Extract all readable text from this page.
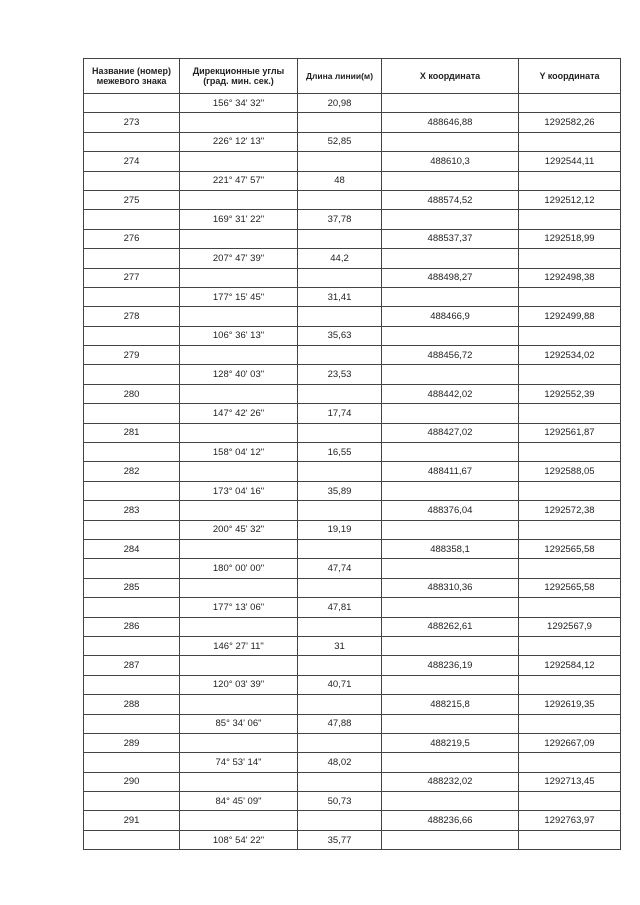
Название (номер) межевого знака	Дирекционные углы (град. мин. сек.)	Длина линии(м)	X координата	Y координата
	156° 34' 32"	20,98		
273			488646,88	1292582,26
	226° 12' 13"	52,85		
274			488610,3	1292544,11
	221° 47' 57"	48		
275			488574,52	1292512,12
	169° 31' 22"	37,78		
276			488537,37	1292518,99
	207° 47' 39"	44,2		
277			488498,27	1292498,38
	177° 15' 45"	31,41		
278			488466,9	1292499,88
	106° 36' 13"	35,63		
279			488456,72	1292534,02
	128° 40' 03"	23,53		
280			488442,02	1292552,39
	147° 42' 26"	17,74		
281			488427,02	1292561,87
	158° 04' 12"	16,55		
282			488411,67	1292588,05
	173° 04' 16"	35,89		
283			488376,04	1292572,38
	200° 45' 32"	19,19		
284			488358,1	1292565,58
	180° 00' 00"	47,74		
285			488310,36	1292565,58
	177° 13' 06"	47,81		
286			488262,61	1292567,9
	146° 27' 11"	31		
287			488236,19	1292584,12
	120° 03' 39"	40,71		
288			488215,8	1292619,35
	85° 34' 06"	47,88		
289			488219,5	1292667,09
	74° 53' 14"	48,02		
290			488232,02	1292713,45
	84° 45' 09"	50,73		
291			488236,66	1292763,97
	108° 54' 22"	35,77		
